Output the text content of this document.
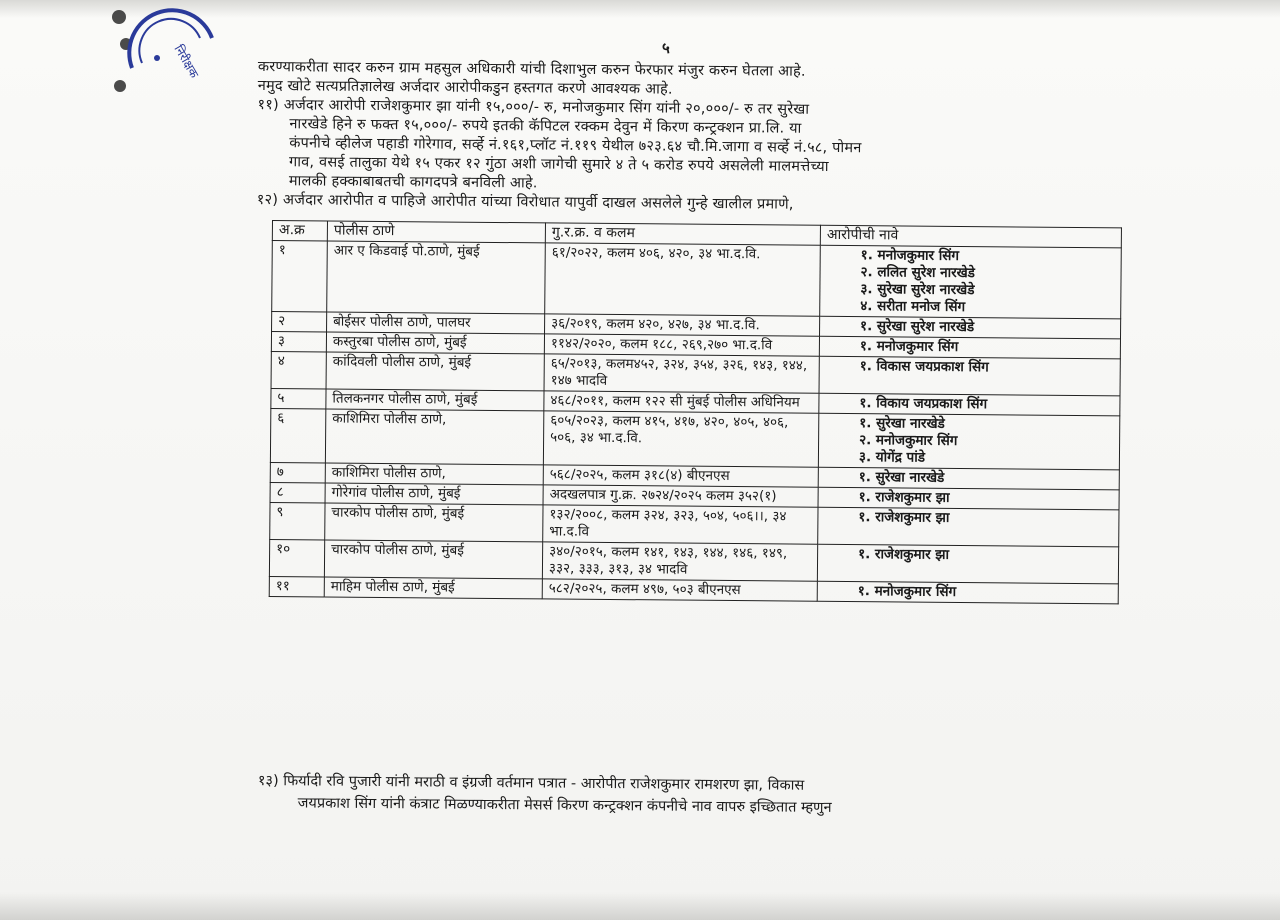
निरीक्षक	५

करण्याकरीता सादर करुन ग्राम महसुल अधिकारी यांची दिशाभुल करुन फेरफार मंजुर करुन घेतला आहे.

नमुद खोटे सत्यप्रतिज्ञालेख अर्जदार आरोपीकडुन हस्तगत करणे आवश्यक आहे.

११) अर्जदार आरोपी राजेशकुमार झा यांनी १५,०००/- रु, मनोजकुमार सिंग यांनी २०,०००/- रु तर सुरेखा

नारखेडे हिने रु फक्त १५,०००/- रुपये इतकी कॅपिटल रक्कम देवुन में किरण कन्ट्रक्शन प्रा.लि. या

कंपनीचे व्हीलेज पहाडी गोरेगाव, सर्व्हे नं.१६१,प्लॉट नं.११९ येथील ७२३.६४ चौ.मि.जागा व सर्व्हे नं.५८, पोमन

गाव, वसई तालुका येथे १५ एकर १२ गुंठा अशी जागेची सुमारे ४ ते ५ करोड रुपये असलेली मालमत्तेच्या

मालकी हक्काबाबतची कागदपत्रे बनविली आहे.

१२) अर्जदार आरोपीत व पाहिजे आरोपीत यांच्या विरोधात यापुर्वी दाखल असलेले गुन्हे खालील प्रमाणे,

अ.क्र	पोलीस ठाणे	गु.र.क्र. व कलम	आरोपीची नावे
१	आर ए किडवाई पो.ठाणे, मुंबई	६१/२०२२, कलम ४०६, ४२०, ३४ भा.द.वि.	१. मनोजकुमार सिंग
२. ललित सुरेश नारखेडे
३. सुरेखा सुरेश नारखेडे
४. सरीता मनोज सिंग

२	बोईसर पोलीस ठाणे, पालघर	३६/२०१९, कलम ४२०, ४२७, ३४ भा.द.वि.	१. सुरेखा सुरेश नारखेडे

३	कस्तुरबा पोलीस ठाणे, मुंबई	११४२/२०२०, कलम १८८, २६९,२७० भा.द.वि	१. मनोजकुमार सिंग

४	कांदिवली पोलीस ठाणे, मुंबई	६५/२०१३, कलम४५२, ३२४, ३५४, ३२६, १४३, १४४, १४७ भादवि	१. विकास जयप्रकाश सिंग

५	तिलकनगर पोलीस ठाणे, मुंबई	४६८/२०११, कलम १२२ सी मुंबई पोलीस अधिनियम	१. विकाय जयप्रकाश सिंग

६	काशिमिरा पोलीस ठाणे,	६०५/२०२३, कलम ४१५, ४१७, ४२०, ४०५, ४०६, ५०६, ३४ भा.द.वि.	१. सुरेखा नारखेडे
२. मनोजकुमार सिंग
३. योगेंद्र पांडे

७	काशिमिरा पोलीस ठाणे,	५६८/२०२५, कलम ३१८(४) बीएनएस	१. सुरेखा नारखेडे

८	गोरेगांव पोलीस ठाणे, मुंबई	अदखलपात्र गु.क्र. २७२४/२०२५ कलम ३५२(१)	१. राजेशकुमार झा

९	चारकोप पोलीस ठाणे, मुंबई	१३२/२००८, कलम ३२४, ३२३, ५०४, ५०६।।, ३४ भा.द.वि	१. राजेशकुमार झा

१०	चारकोप पोलीस ठाणे, मुंबई	३४०/२०१५, कलम १४१, १४३, १४४, १४६, १४९, ३३२, ३३३, ३१३, ३४ भादवि	१. राजेशकुमार झा

११	माहिम पोलीस ठाणे, मुंबई	५८२/२०२५, कलम ४९७, ५०३ बीएनएस	१. मनोजकुमार सिंग

१३) फिर्यादी रवि पुजारी यांनी मराठी व इंग्रजी वर्तमान पत्रात - आरोपीत राजेशकुमार रामशरण झा, विकास

जयप्रकाश सिंग यांनी कंत्राट मिळण्याकरीता मेसर्स किरण कन्ट्रक्शन कंपनीचे नाव वापरु इच्छितात म्हणुन
